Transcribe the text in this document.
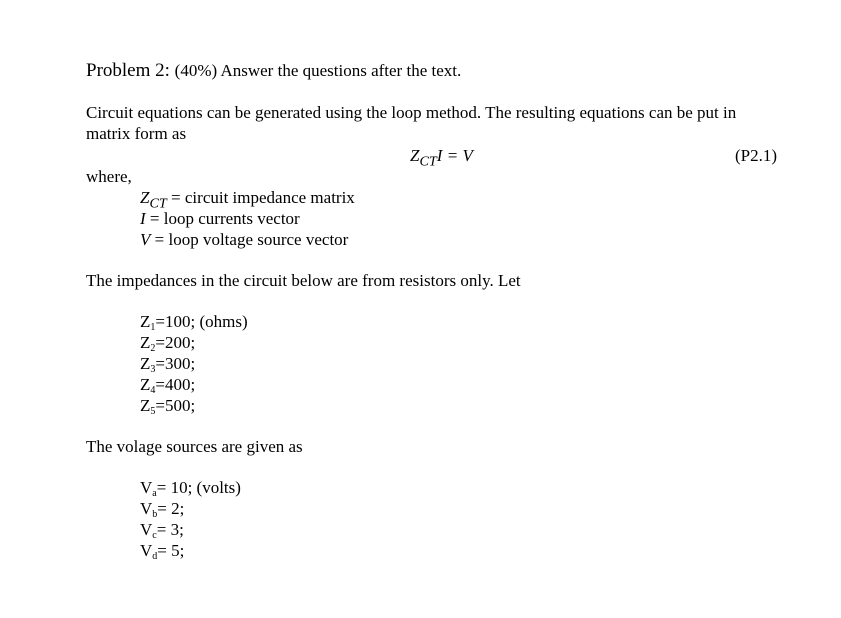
Problem 2: (40%) Answer the questions after the text.
Circuit equations can be generated using the loop method. The resulting equations can be put in
matrix form as
$Z_{CT}I = V$	(P2.1)
where,
$Z_{CT}$ = circuit impedance matrix
I = loop currents vector
V = loop voltage source vector
The impedances in the circuit below are from resistors only. Let
$Z_1=100$; (ohms)
$Z_2=200$;
$Z_3=300$;
$Z_4=400$;
$Z_5=500$;
The volage sources are given as
$V_a= 10$; (volts)
$V_b= 2$;
$V_c= 3$;
$V_d= 5$;
